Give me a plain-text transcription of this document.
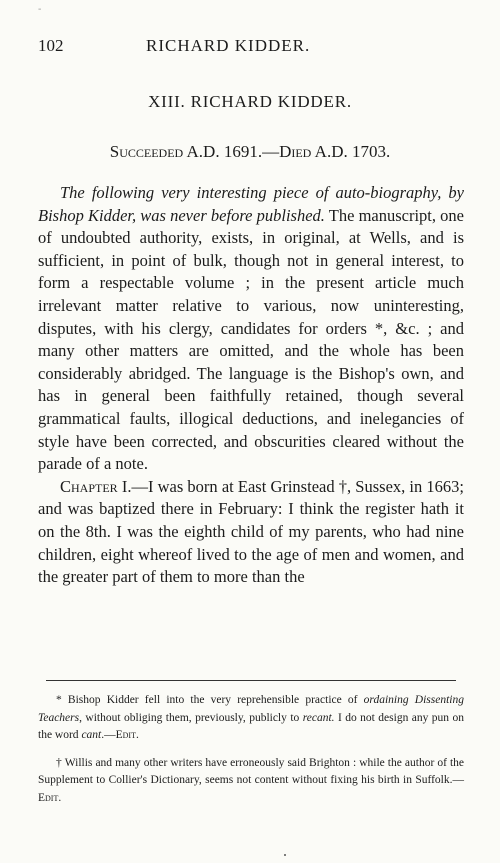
-
102	RICHARD KIDDER.
XIII. RICHARD KIDDER.
Succeeded A.D. 1691.—Died A.D. 1703.

The following very interesting piece of auto-biography, by Bishop Kidder, was never before published. The manuscript, one of undoubted authority, exists, in original, at Wells, and is sufficient, in point of bulk, though not in general interest, to form a respectable volume ; in the present article much irrelevant matter relative to various, now uninteresting, disputes, with his clergy, candidates for orders *, &c. ; and many other matters are omitted, and the whole has been considerably abridged. The language is the Bishop's own, and has in general been faithfully retained, though several grammatical faults, illogical deductions, and inelegancies of style have been corrected, and obscurities cleared without the parade of a note.

Chapter I.—I was born at East Grinstead †, Sussex, in 1663; and was baptized there in February: I think the register hath it on the 8th. I was the eighth child of my parents, who had nine children, eight whereof lived to the age of men and women, and the greater part of them to more than the

* Bishop Kidder fell into the very reprehensible practice of ordaining Dissenting Teachers, without obliging them, previously, publicly to recant. I do not design any pun on the word cant.—Edit.

† Willis and many other writers have erroneously said Brighton : while the author of the Supplement to Collier's Dictionary, seems not content without fixing his birth in Suffolk.—Edit.
